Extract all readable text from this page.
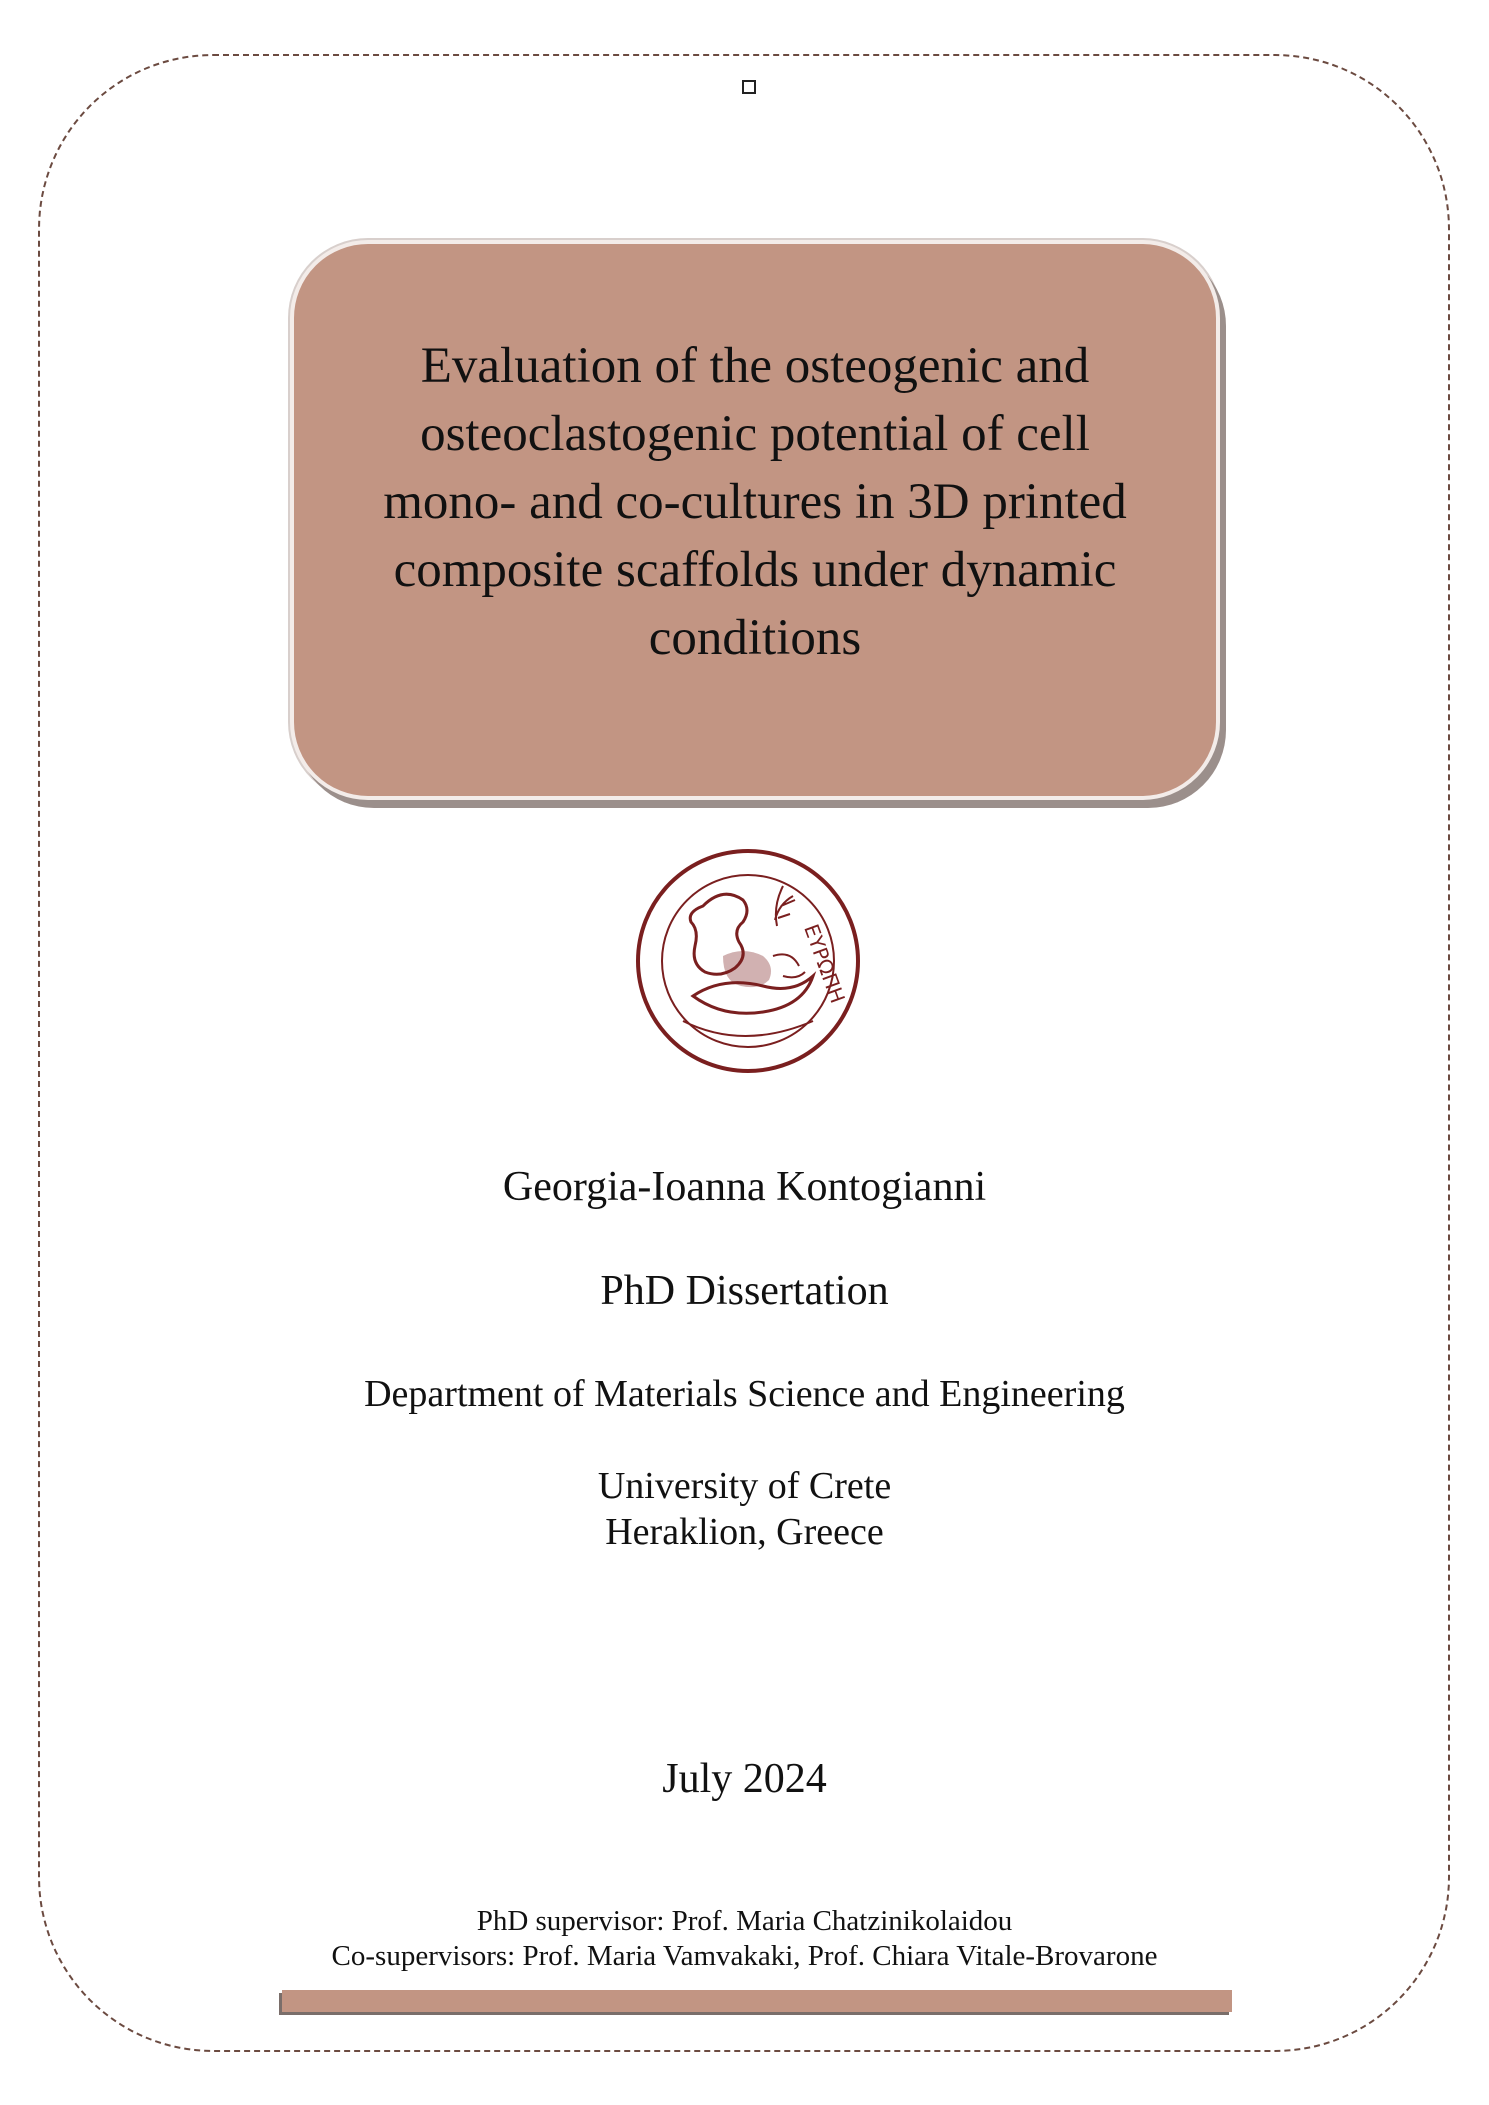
Evaluation of the osteogenic and osteoclastogenic potential of cell mono- and co-cultures in 3D printed composite scaffolds under dynamic conditions
ΕΥΡΩΠΗ

Georgia-Ioanna Kontogianni

PhD Dissertation

Department of Materials Science and Engineering

University of Crete

Heraklion, Greece

July 2024

PhD supervisor: Prof. Maria Chatzinikolaidou

Co-supervisors: Prof. Maria Vamvakaki, Prof. Chiara Vitale-Brovarone
